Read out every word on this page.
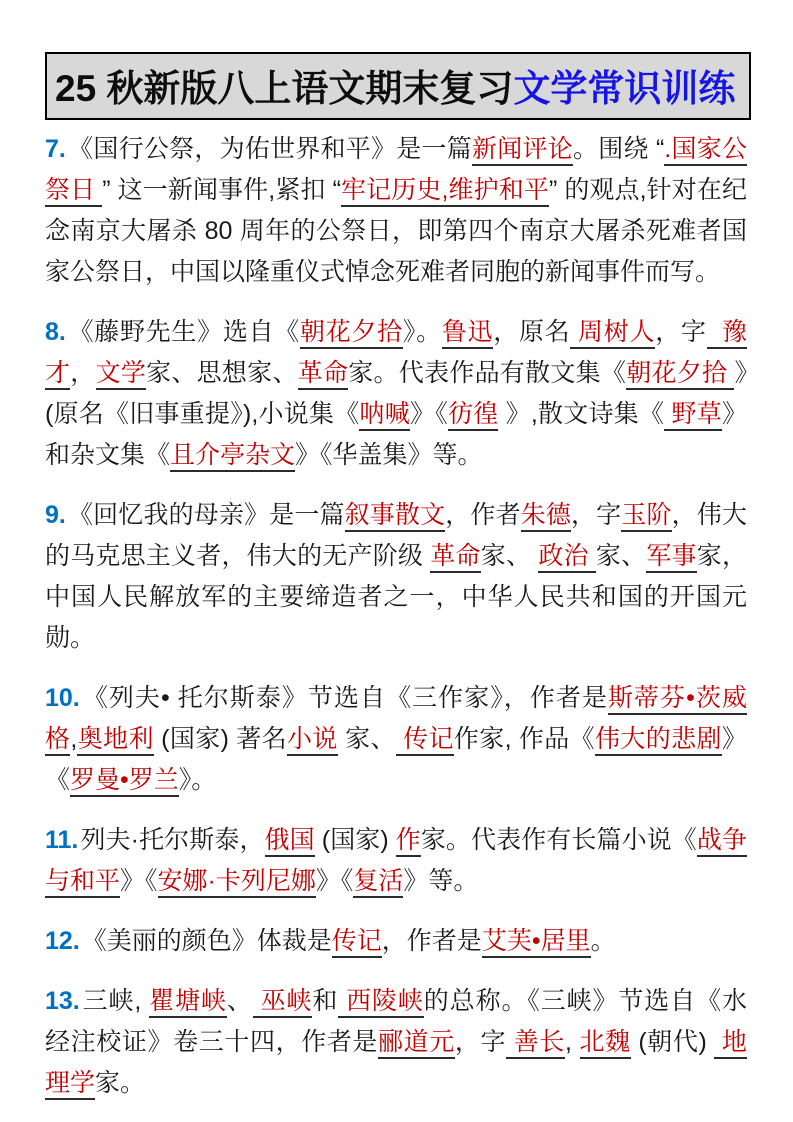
25 秋新版八上语文期末复习文学常识训练

7.《国行公祭，为佑世界和平》是一篇新闻评论。围绕 “.国家公祭日 ” 这一新闻事件,紧扣 “牢记历史,维护和平” 的观点,针对在纪念南京大屠杀 80 周年的公祭日，即第四个南京大屠杀死难者国家公祭日，中国以隆重仪式悼念死难者同胞的新闻事件而写。

8.《藤野先生》选自《朝花夕拾》。鲁迅，原名 周树人，字  豫才，文学家、思想家、革命家。代表作品有散文集《朝花夕拾 》(原名《旧事重提》),小说集《呐喊》《彷徨 》,散文诗集《 野草》和杂文集《且介亭杂文》《华盖集》等。

9.《回忆我的母亲》是一篇叙事散文，作者朱德，字玉阶，伟大的马克思主义者，伟大的无产阶级 革命家、 政治 家、军事家，中国人民解放军的主要缔造者之一，中华人民共和国的开国元勋。

10.《列夫• 托尔斯泰》节选自《三作家》，作者是斯蒂芬•茨威格,奥地利 (国家) 著名小说 家、 传记作家, 作品《伟大的悲剧》《罗曼•罗兰》。

11.列夫·托尔斯泰，俄国 (国家) 作家。代表作有长篇小说《战争与和平》《安娜·卡列尼娜》《复活》等。

12.《美丽的颜色》体裁是传记，作者是艾芙•居里。

13.三峡, 瞿塘峡、 巫峡和 西陵峡的总称。《三峡》节选自《水经注校证》卷三十四，作者是郦道元，字 善长, 北魏 (朝代)  地理学家。
